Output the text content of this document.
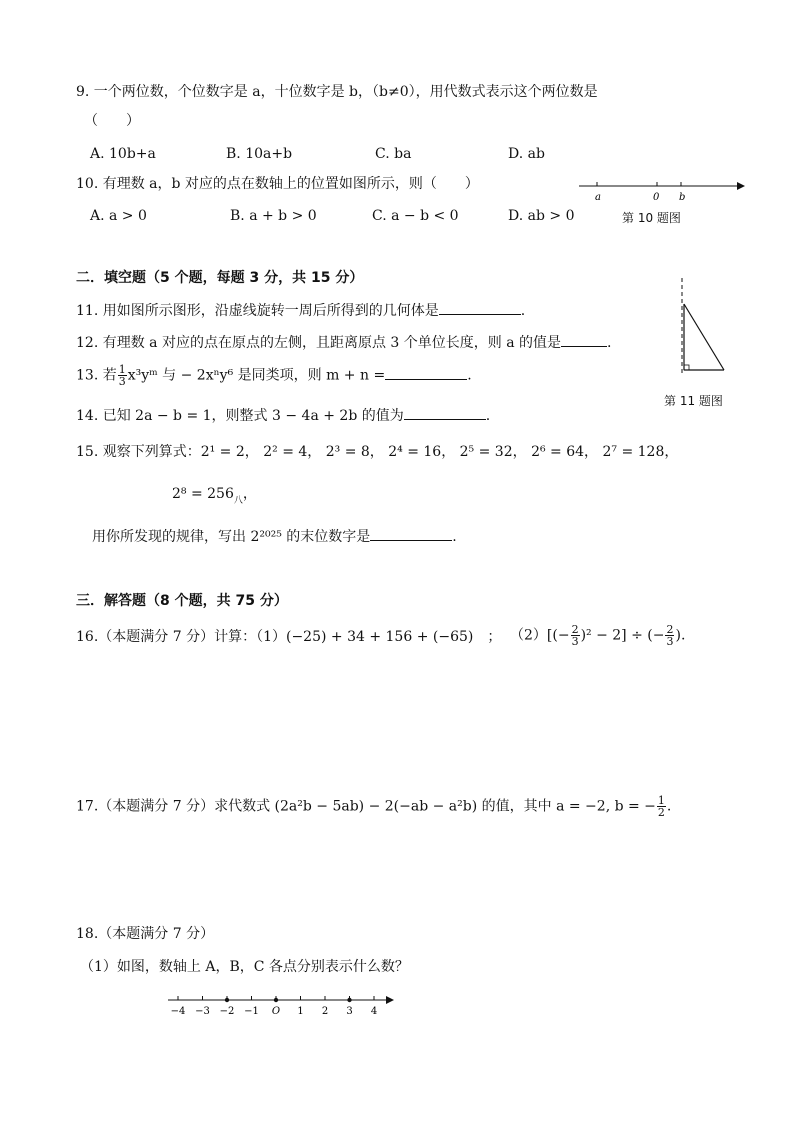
9. 一个两位数，个位数字是 a，十位数字是 b，（b≠0），用代数式表示这个两位数是
（　　）
A. 10b+a	B. 10a+b	C. ba	D. ab
10. 有理数 a，b 对应的点在数轴上的位置如图所示，则（　　）
A. a > 0	B. a + b > 0	C. a − b < 0	D. ab > 0
a	0 b
第 10 题图
二．填空题（5 个题，每题 3 分，共 15 分）
11. 用如图所示图形，沿虚线旋转一周后所得到的几何体是	.
第 11 题图
12. 有理数 a 对应的点在原点的左侧，且距离原点 3 个单位长度，则 a 的值是	.
13. 若 $\frac{1}{3}$ x³yᵐ 与 − 2xⁿy⁶ 是同类项，则 m + n =	.
14. 已知 2a − b = 1，则整式 3 − 4a + 2b 的值为	.
15. 观察下列算式：2¹ = 2， 2² = 4， 2³ = 8， 2⁴ = 16， 2⁵ = 32， 2⁶ = 64， 2⁷ = 128，
$2^8 = 256_八$，
用你所发现的规律，写出 2²⁰²⁵ 的末位数字是	.
三．解答题（8 个题，共 75 分）
16.（本题满分 7 分）计算：（1）(−25) + 34 + 156 + (−65)　； $(2)[(- \frac{2}{3} )^2 - 2]$ ÷ (− $\frac{2}{3}$ ).
17.（本题满分 7 分）求代数式 (2a²b − 5ab) − 2(−ab − a²b) 的值，其中 a = −2, b = − $\frac{1}{2}$ .
18.（本题满分 7 分）
（1）如图，数轴上 A，B，C 各点分别表示什么数？
−4 −3 −2 −1 O 1 2 3 4
